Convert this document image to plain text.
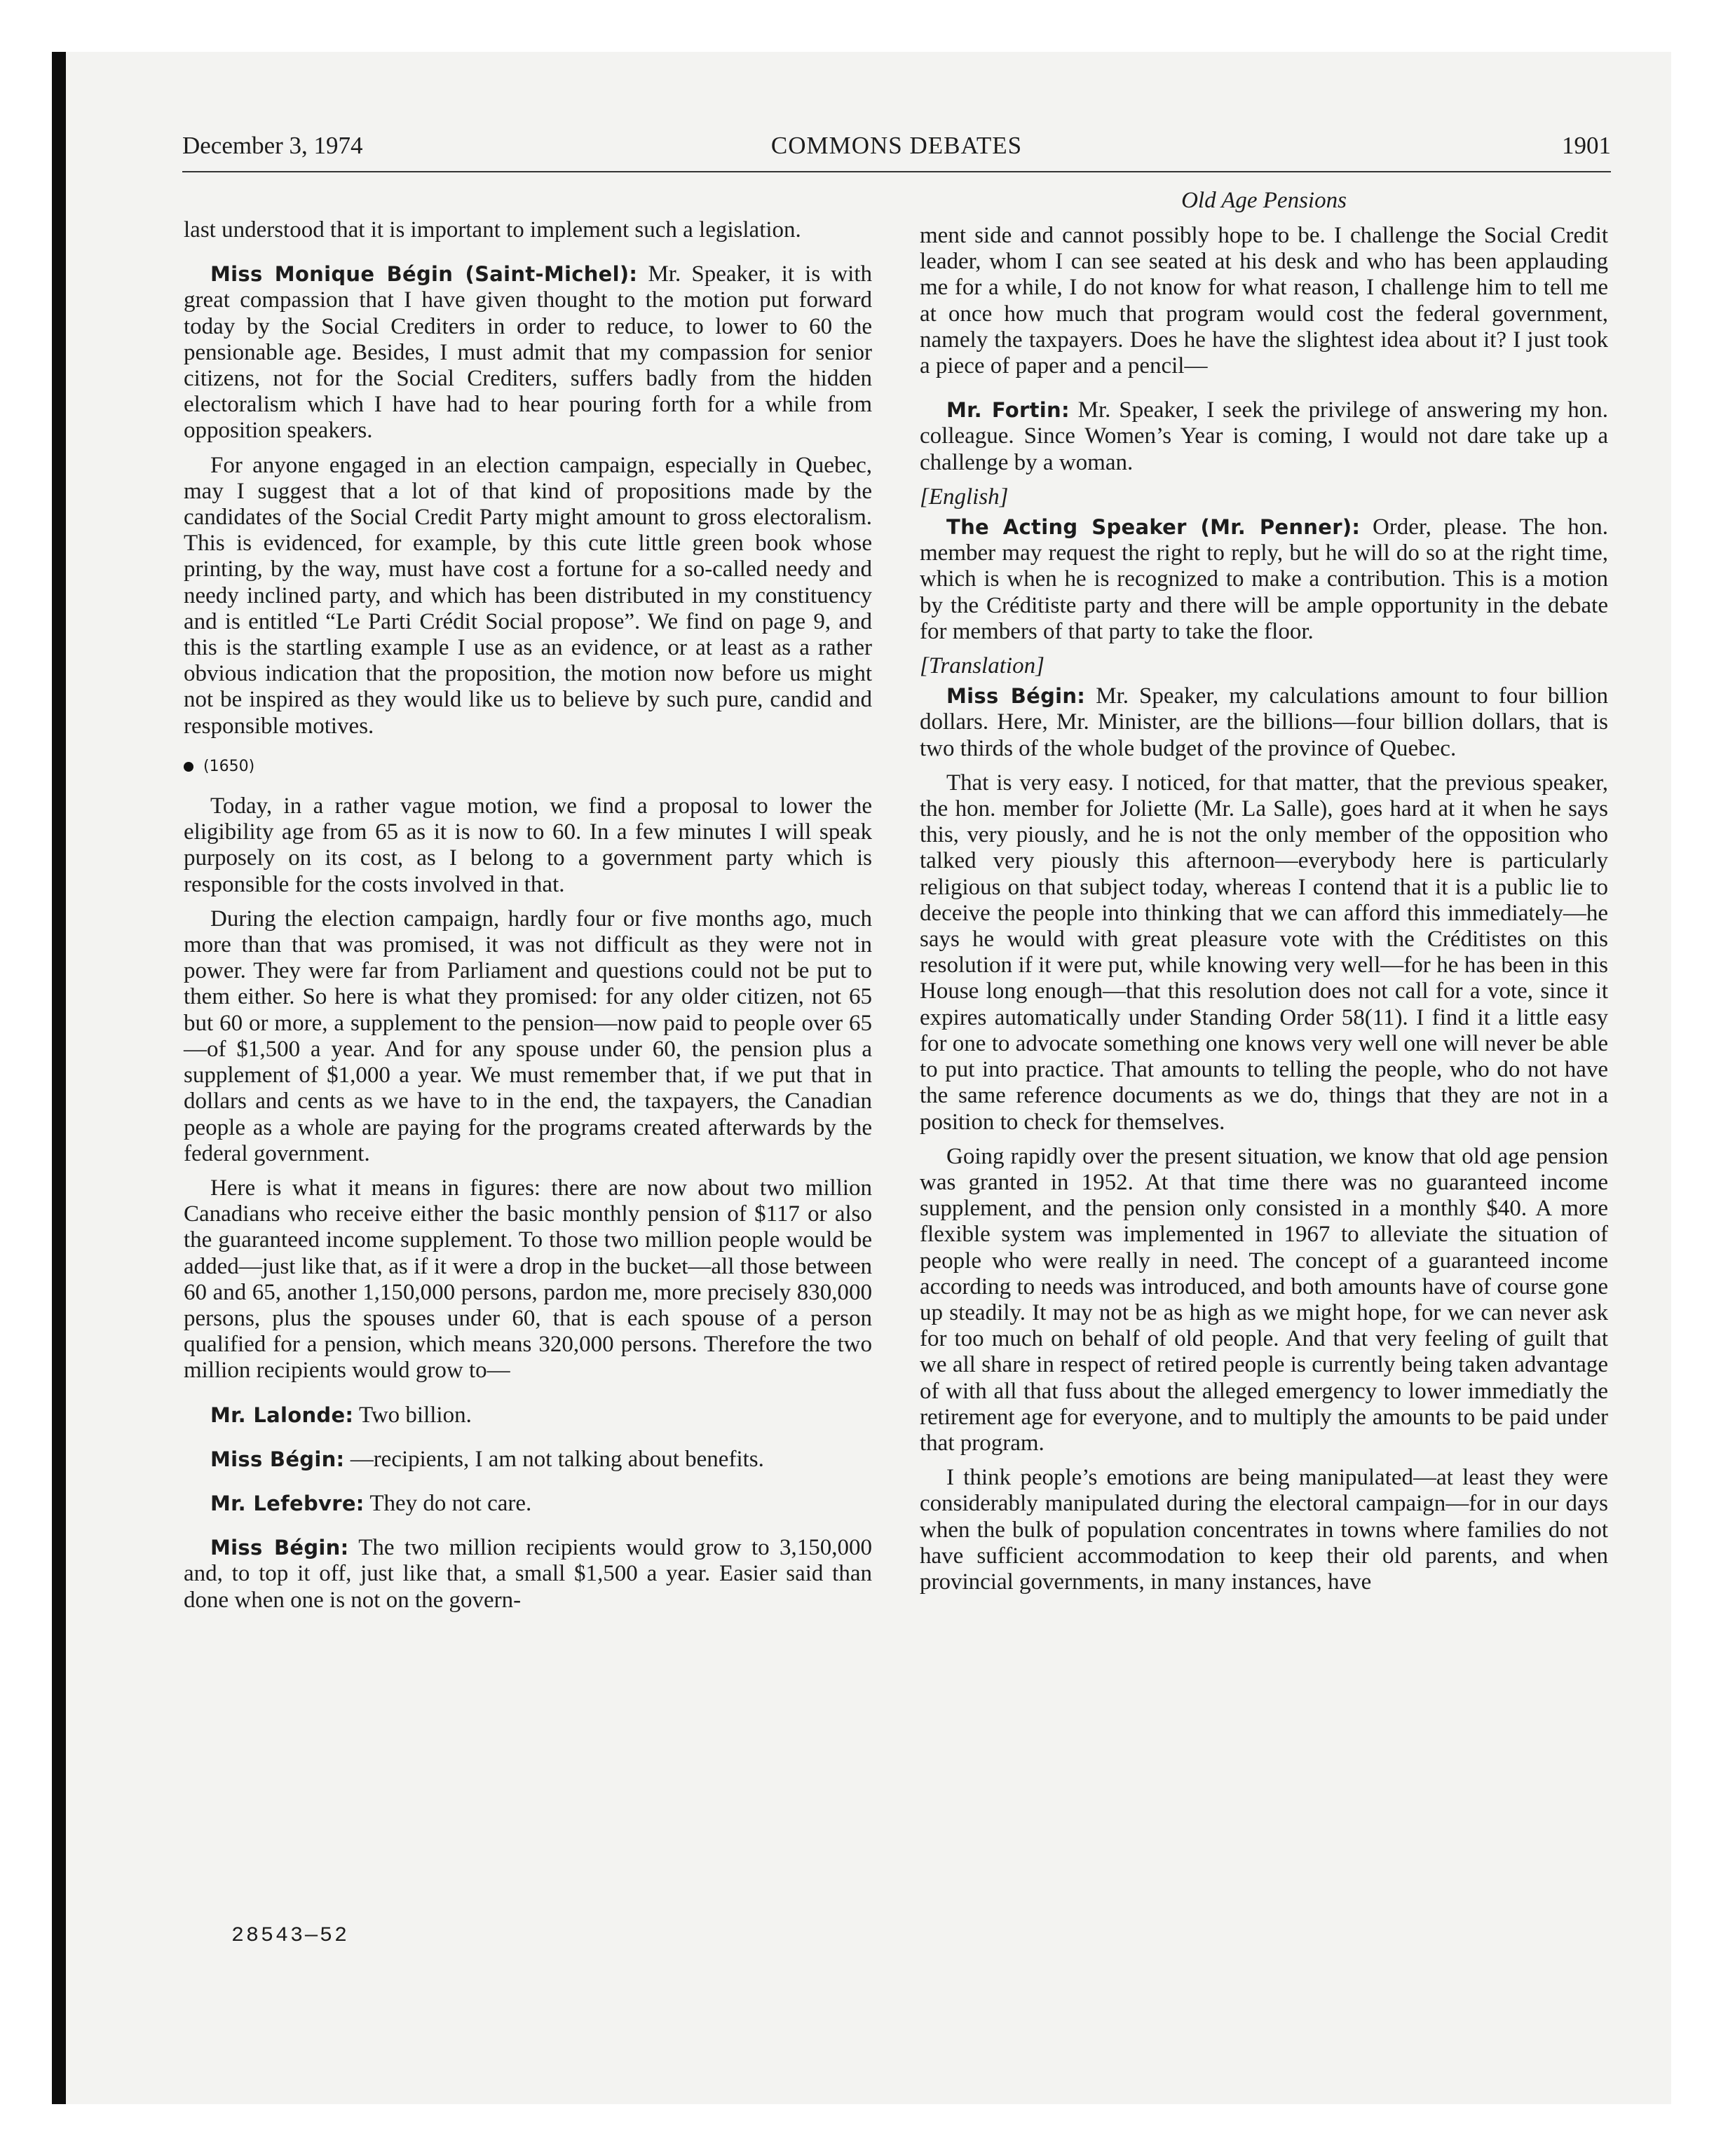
December 3, 1974	COMMONS DEBATES	1901
Old Age Pensions

last understood that it is important to implement such a legislation.

Miss Monique Bégin (Saint-Michel): Mr. Speaker, it is with great compassion that I have given thought to the motion put forward today by the Social Crediters in order to reduce, to lower to 60 the pensionable age. Besides, I must admit that my compassion for senior citizens, not for the Social Crediters, suffers badly from the hidden electoralism which I have had to hear pouring forth for a while from opposition speakers.

For anyone engaged in an election campaign, especially in Quebec, may I suggest that a lot of that kind of propositions made by the candidates of the Social Credit Party might amount to gross electoralism. This is evidenced, for example, by this cute little green book whose printing, by the way, must have cost a fortune for a so-called needy and needy inclined party, and which has been distributed in my constituency and is entitled “Le Parti Crédit Social propose”. We find on page 9, and this is the startling example I use as an evidence, or at least as a rather obvious indication that the proposition, the motion now before us might not be inspired as they would like us to believe by such pure, candid and responsible motives.

(1650)

Today, in a rather vague motion, we find a proposal to lower the eligibility age from 65 as it is now to 60. In a few minutes I will speak purposely on its cost, as I belong to a government party which is responsible for the costs involved in that.

During the election campaign, hardly four or five months ago, much more than that was promised, it was not difficult as they were not in power. They were far from Parliament and questions could not be put to them either. So here is what they promised: for any older citizen, not 65 but 60 or more, a supplement to the pension—now paid to people over 65—of $1,500 a year. And for any spouse under 60, the pension plus a supplement of $1,000 a year. We must remember that, if we put that in dollars and cents as we have to in the end, the taxpayers, the Canadian people as a whole are paying for the programs created afterwards by the federal government.

Here is what it means in figures: there are now about two million Canadians who receive either the basic monthly pension of $117 or also the guaranteed income supplement. To those two million people would be added—just like that, as if it were a drop in the bucket—all those between 60 and 65, another 1,150,000 persons, pardon me, more precisely 830,000 persons, plus the spouses under 60, that is each spouse of a person qualified for a pension, which means 320,000 persons. Therefore the two million recipients would grow to—

Mr. Lalonde: Two billion.

Miss Bégin: —recipients, I am not talking about benefits.

Mr. Lefebvre: They do not care.

Miss Bégin: The two million recipients would grow to 3,150,000 and, to top it off, just like that, a small $1,500 a year. Easier said than done when one is not on the govern-

ment side and cannot possibly hope to be. I challenge the Social Credit leader, whom I can see seated at his desk and who has been applauding me for a while, I do not know for what reason, I challenge him to tell me at once how much that program would cost the federal government, namely the taxpayers. Does he have the slightest idea about it? I just took a piece of paper and a pencil—

Mr. Fortin: Mr. Speaker, I seek the privilege of answering my hon. colleague. Since Women’s Year is coming, I would not dare take up a challenge by a woman.

[English]

The Acting Speaker (Mr. Penner): Order, please. The hon. member may request the right to reply, but he will do so at the right time, which is when he is recognized to make a contribution. This is a motion by the Créditiste party and there will be ample opportunity in the debate for members of that party to take the floor.

[Translation]

Miss Bégin: Mr. Speaker, my calculations amount to four billion dollars. Here, Mr. Minister, are the billions—four billion dollars, that is two thirds of the whole budget of the province of Quebec.

That is very easy. I noticed, for that matter, that the previous speaker, the hon. member for Joliette (Mr. La Salle), goes hard at it when he says this, very piously, and he is not the only member of the opposition who talked very piously this afternoon—everybody here is particularly religious on that subject today, whereas I contend that it is a public lie to deceive the people into thinking that we can afford this immediately—he says he would with great pleasure vote with the Créditistes on this resolution if it were put, while knowing very well—for he has been in this House long enough—that this resolution does not call for a vote, since it expires automatically under Standing Order 58(11). I find it a little easy for one to advocate something one knows very well one will never be able to put into practice. That amounts to telling the people, who do not have the same reference documents as we do, things that they are not in a position to check for themselves.

Going rapidly over the present situation, we know that old age pension was granted in 1952. At that time there was no guaranteed income supplement, and the pension only consisted in a monthly $40. A more flexible system was implemented in 1967 to alleviate the situation of people who were really in need. The concept of a guaranteed income according to needs was introduced, and both amounts have of course gone up steadily. It may not be as high as we might hope, for we can never ask for too much on behalf of old people. And that very feeling of guilt that we all share in respect of retired people is currently being taken advantage of with all that fuss about the alleged emergency to lower immediatly the retirement age for everyone, and to multiply the amounts to be paid under that program.

I think people’s emotions are being manipulated—at least they were considerably manipulated during the electoral campaign—for in our days when the bulk of population concentrates in towns where families do not have sufficient accommodation to keep their old parents, and when provincial governments, in many instances, have

28543—52
